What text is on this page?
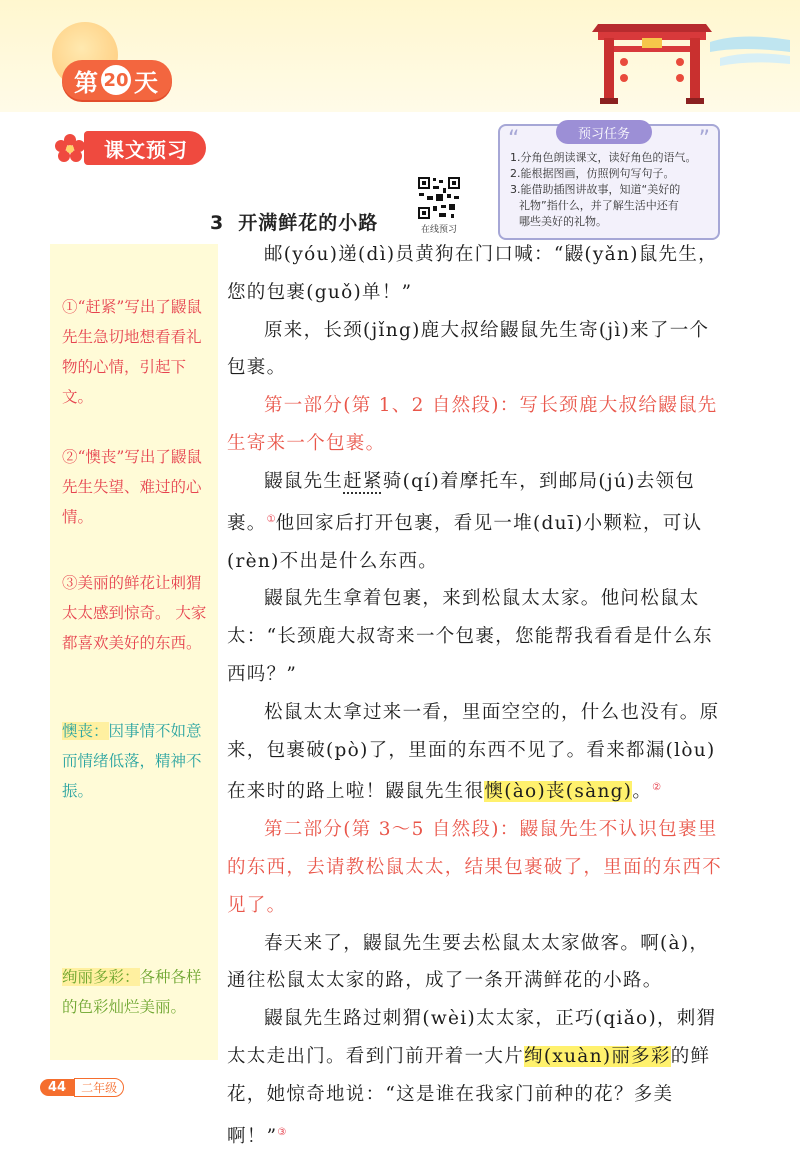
第 20 天
课文预习	“	”
预习任务
1.分角色朗读课文，读好角色的语气。
2.能根据图画，仿照例句写句子。
3.能借助插图讲故事，知道“美好的
礼物”指什么，并了解生活中还有
哪些美好的礼物。
在线预习
3 开满鲜花的小路
①“赶紧”写出了鼹鼠先生急切地想看看礼物的心情，引起下文。
②“懊丧”写出了鼹鼠先生失望、难过的心情。
③美丽的鲜花让刺猬太太感到惊奇。 大家都喜欢美好的东西。
懊丧：因事情不如意而情绪低落，精神不振。
绚丽多彩：各种各样的色彩灿烂美丽。

邮(yóu)递(dì)员黄狗在门口喊：“鼹(yǎn)鼠先生，您的包裹(guǒ)单！”

原来，长颈(jǐng)鹿大叔给鼹鼠先生寄(jì)来了一个包裹。

第一部分(第 1、2 自然段)：写长颈鹿大叔给鼹鼠先生寄来一个包裹。

鼹鼠先生赶紧骑(qí)着摩托车，到邮局(jú)去领包裹。①他回家后打开包裹，看见一堆(duī)小颗粒，可认(rèn)不出是什么东西。

鼹鼠先生拿着包裹，来到松鼠太太家。他问松鼠太太：“长颈鹿大叔寄来一个包裹，您能帮我看看是什么东西吗？”

松鼠太太拿过来一看，里面空空的，什么也没有。原来，包裹破(pò)了，里面的东西不见了。看来都漏(lòu)在来时的路上啦！鼹鼠先生很懊(ào)丧(sàng)。②

第二部分(第 3～5 自然段)：鼹鼠先生不认识包裹里的东西，去请教松鼠太太，结果包裹破了，里面的东西不见了。

春天来了，鼹鼠先生要去松鼠太太家做客。啊(à)，通往松鼠太太家的路，成了一条开满鲜花的小路。

鼹鼠先生路过刺猬(wèi)太太家，正巧(qiǎo)，刺猬太太走出门。看到门前开着一大片绚(xuàn)丽多彩的鲜花，她惊奇地说：“这是谁在我家门前种的花？多美啊！”③

44	二年级
